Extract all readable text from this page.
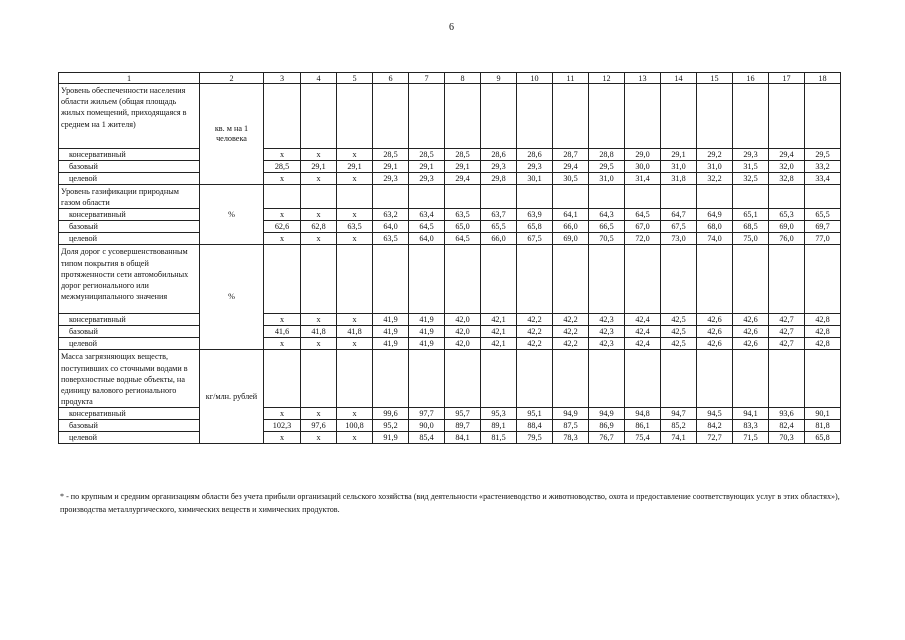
6
1	2	3	4	5	6	7	8	9	10	11	12	13	14	15	16	17	18
Уровень обеспеченности населения области жильем (общая площадь жилых помещений, приходящаяся в среднем на 1 жителя)	кв. м на 1 человека																
консервативный		х	х	х	28,5	28,5	28,5	28,6	28,6	28,7	28,8	29,0	29,1	29,2	29,3	29,4	29,5
базовый		28,5	29,1	29,1	29,1	29,1	29,1	29,3	29,3	29,4	29,5	30,0	31,0	31,0	31,5	32,0	33,2
целевой		х	х	х	29,3	29,3	29,4	29,8	30,1	30,5	31,0	31,4	31,8	32,2	32,5	32,8	33,4
Уровень газификации природным газом области	%																
консервативный		х	х	х	63,2	63,4	63,5	63,7	63,9	64,1	64,3	64,5	64,7	64,9	65,1	65,3	65,5
базовый		62,6	62,8	63,5	64,0	64,5	65,0	65,5	65,8	66,0	66,5	67,0	67,5	68,0	68,5	69,0	69,7
целевой		х	х	х	63,5	64,0	64,5	66,0	67,5	69,0	70,5	72,0	73,0	74,0	75,0	76,0	77,0
Доля дорог с усовершенствованным типом покрытия в общей протяженности сети автомобильных дорог регионального или межмуниципального значения	%																
консервативный		х	х	х	41,9	41,9	42,0	42,1	42,2	42,2	42,3	42,4	42,5	42,6	42,6	42,7	42,8
базовый		41,6	41,8	41,8	41,9	41,9	42,0	42,1	42,2	42,2	42,3	42,4	42,5	42,6	42,6	42,7	42,8
целевой		х	х	х	41,9	41,9	42,0	42,1	42,2	42,2	42,3	42,4	42,5	42,6	42,6	42,7	42,8
Масса загрязняющих веществ, поступивших со сточными водами в поверхностные водные объекты, на единицу валового регионального продукта	кг/млн. рублей																
консервативный		х	х	х	99,6	97,7	95,7	95,3	95,1	94,9	94,9	94,8	94,7	94,5	94,1	93,6	90,1
базовый		102,3	97,6	100,8	95,2	90,0	89,7	89,1	88,4	87,5	86,9	86,1	85,2	84,2	83,3	82,4	81,8
целевой		х	х	х	91,9	85,4	84,1	81,5	79,5	78,3	76,7	75,4	74,1	72,7	71,5	70,3	65,8

* - по крупным и средним организациям области без учета прибыли организаций сельского хозяйства (вид деятельности «растениеводство и животноводство, охота и предоставление соответствующих услуг в этих областях»), производства металлургического, химических веществ и химических продуктов.
